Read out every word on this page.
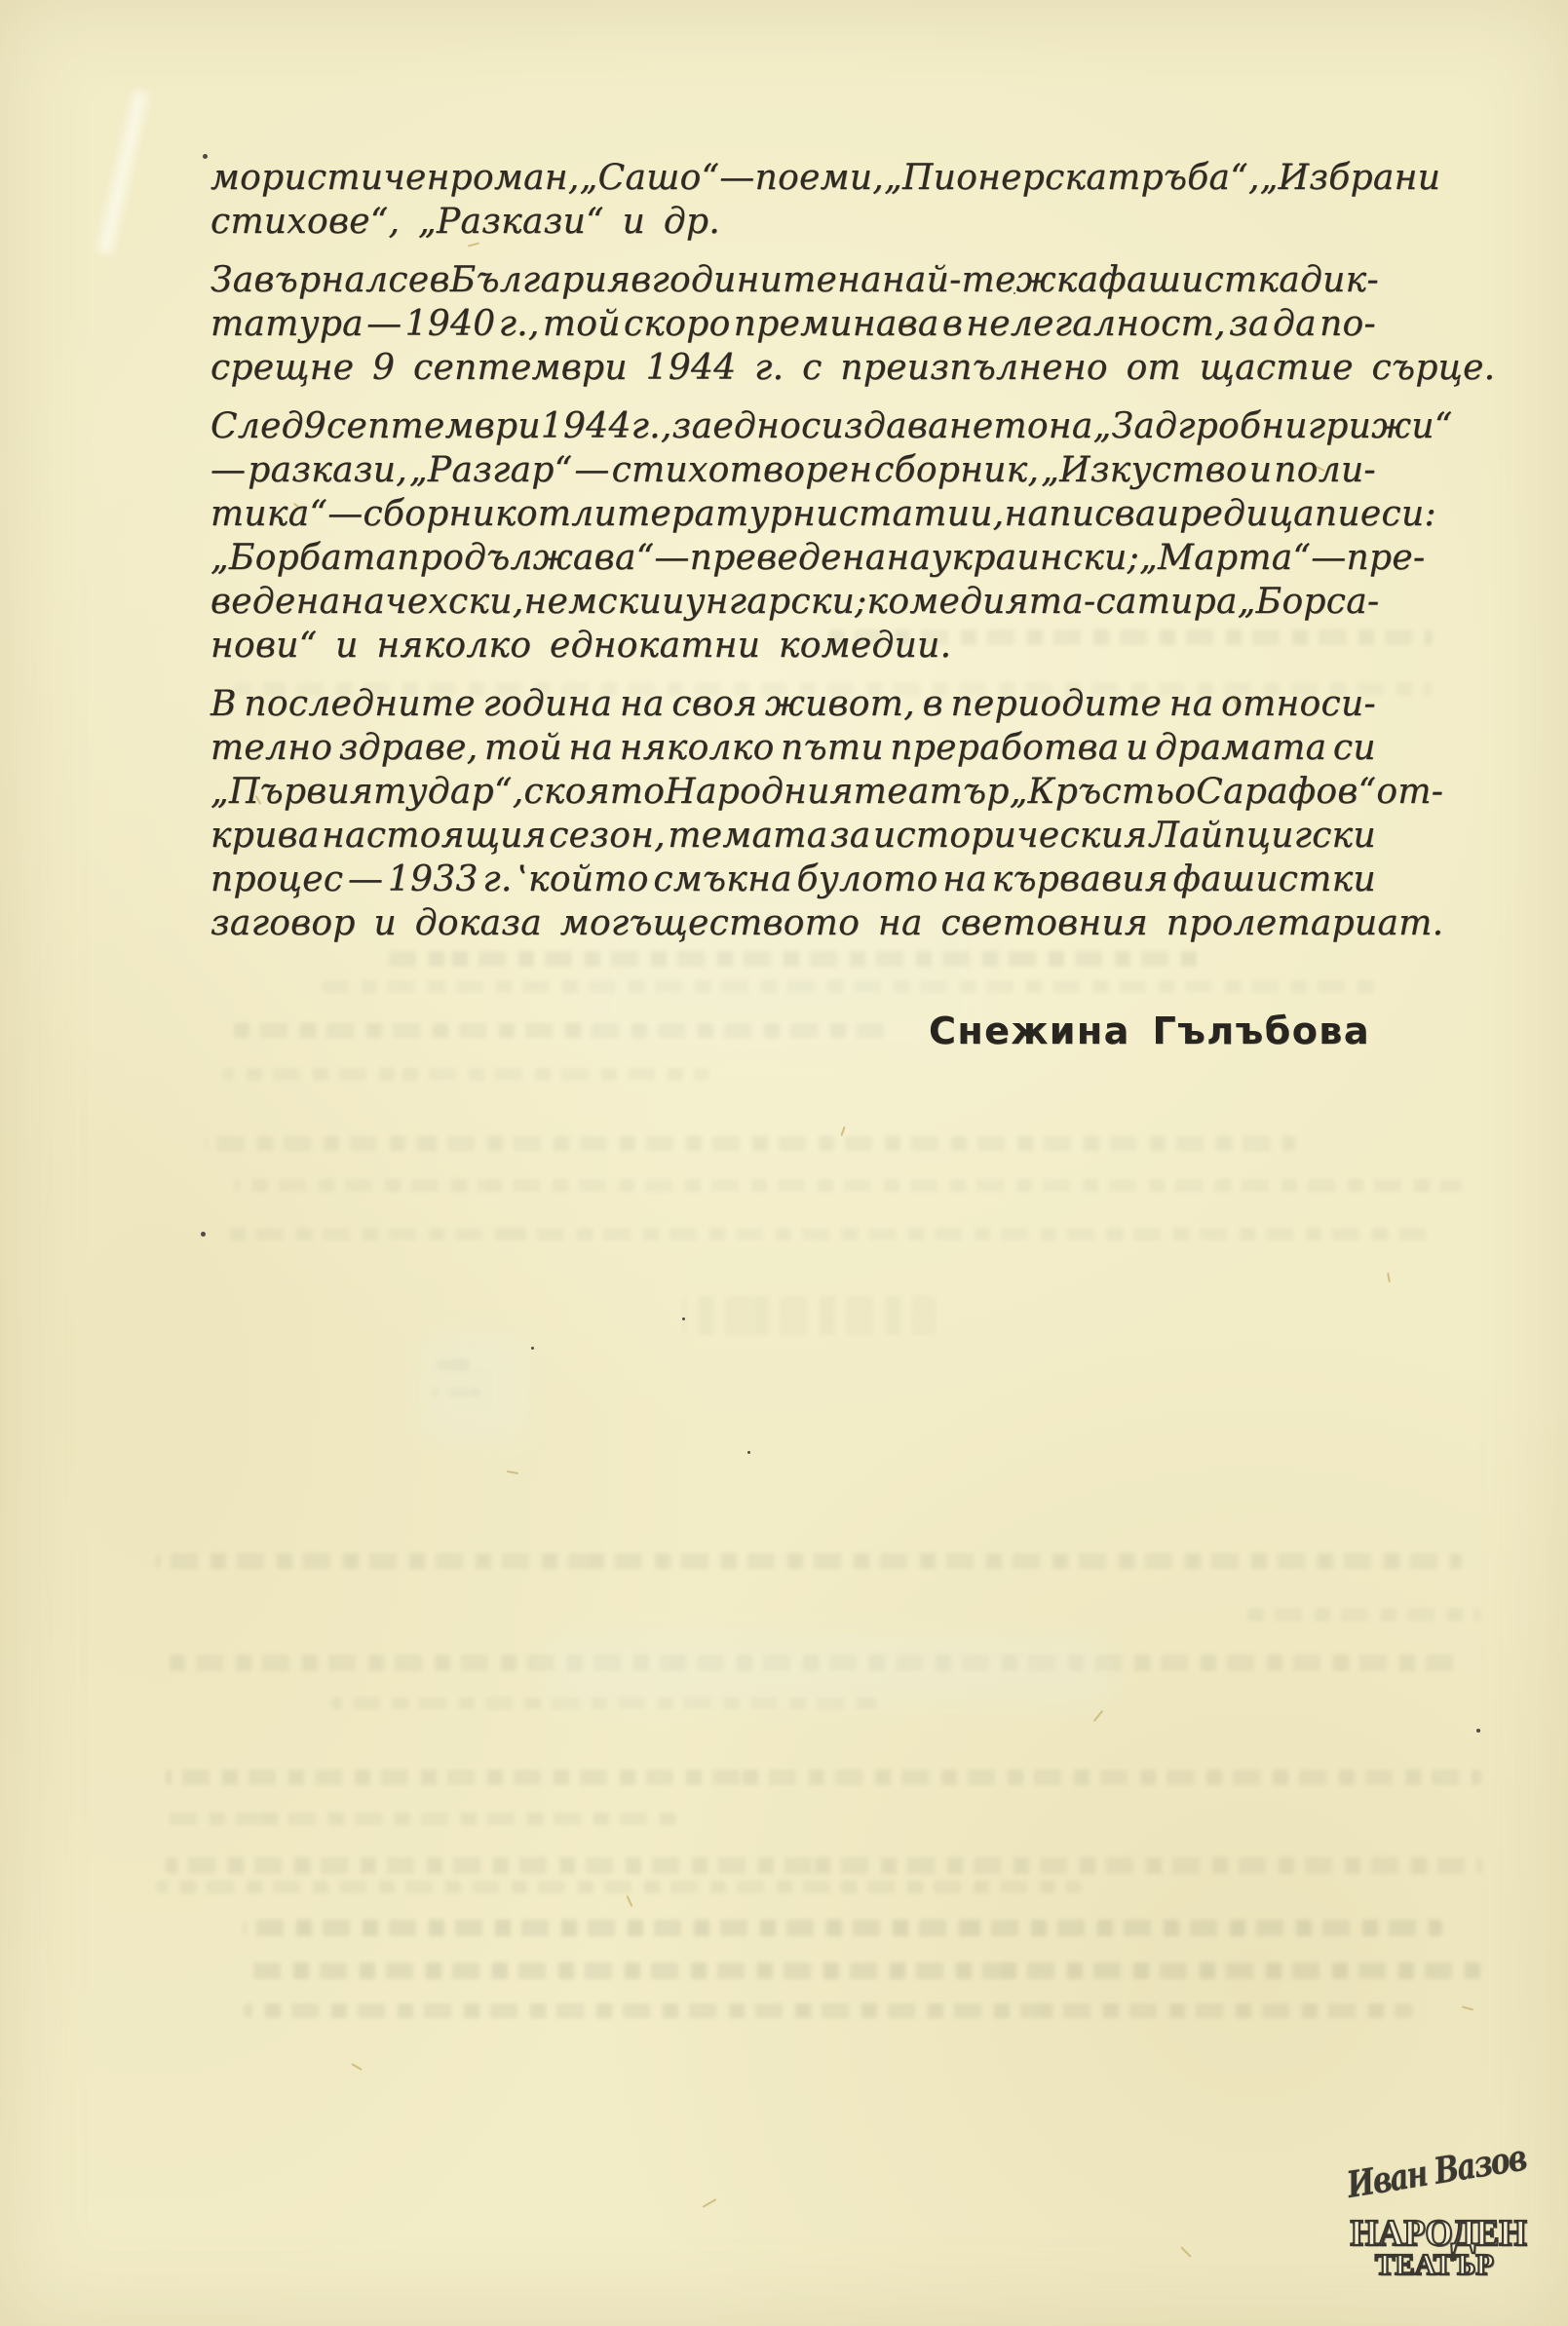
мористичен роман, „Сашо“ — поеми, „Пионерска тръба“, „Избрани
стихове“, „Разкази“ и др.
Завърнал се в България в годините на най-тежка фашистка дик-
татура — 1940 г., той скоро преминава в нелегалност, за да по-
срещне 9 септември 1944 г. с преизпълнено от щастие сърце.
След 9 септември 1944 г., заедно с издаването на „Задгробни грижи“
— разкази, „Разгар“ — стихотворен сборник, „Изкуство и поли-
тика“ — сборник от литературни статии, написва и редица пиеси :
„Борбата продължава“ — преведена на украински ; „Марта“ — пре-
ведена на чехски, немски и унгарски ; комедията-сатира „Борса-
нови“ и няколко еднокатни комедии.
В последните година на своя живот, в периодите на относи-
телно здраве, той на няколко пъти преработва и драмата си
„Първият удар“, с която Народния театър „Кръстьо Сарафов“ от-
крива настоящия сезон, темата за историческия Лайпцигски
процес — 1933 г. ‛който смъкна булото на кървавия фашистки
заговор и доказа могъществото на световния пролетариат.
Снежина Гълъбова
Иван Вазов
НАРОДЕН
ТЕАТЪР
